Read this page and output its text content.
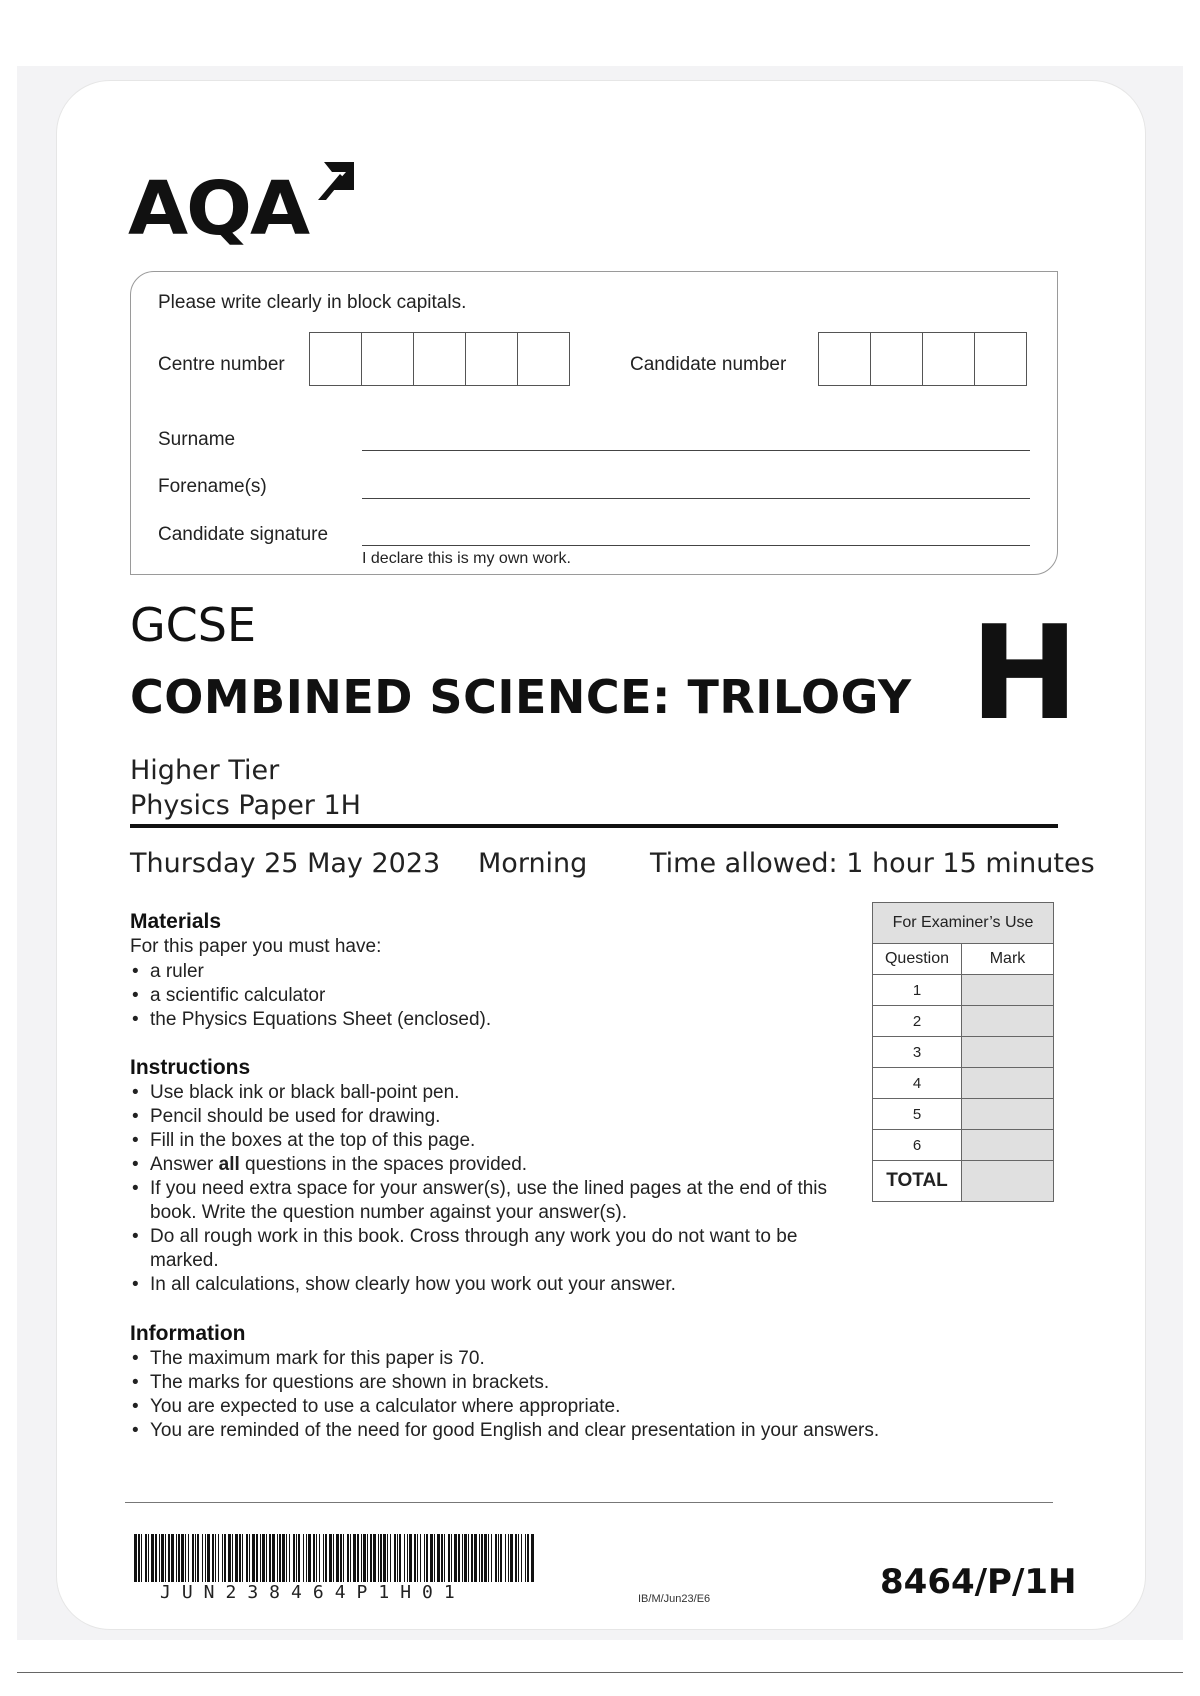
AQA
Please write clearly in block capitals.
Centre number	Candidate number
Surname
Forename(s)
Candidate signature
I declare this is my own work.
GCSE
COMBINED SCIENCE: TRILOGY H
Higher Tier
Physics Paper 1H
Thursday 25 May 2023 Morning Time allowed: 1 hour 15 minutes
Materials
For this paper you must have:
• a ruler
• a scientific calculator
• the Physics Equations Sheet (enclosed).
Instructions
• Use black ink or black ball-point pen.
• Pencil should be used for drawing.
• Fill in the boxes at the top of this page.
• Answer all questions in the spaces provided.
• If you need extra space for your answer(s), use the lined pages at the end of this book. Write the question number against your answer(s).
• Do all rough work in this book. Cross through any work you do not want to be marked.
• In all calculations, show clearly how you work out your answer.
Information
• The maximum mark for this paper is 70.
• The marks for questions are shown in brackets.
• You are expected to use a calculator where appropriate.
• You are reminded of the need for good English and clear presentation in your answers.
For Examiner’s Use	
Question	Mark
1	
2	
3	
4	
5	
6	
TOTAL	
JUN238464P1H01	IB/M/Jun23/E6	8464/P/1H
